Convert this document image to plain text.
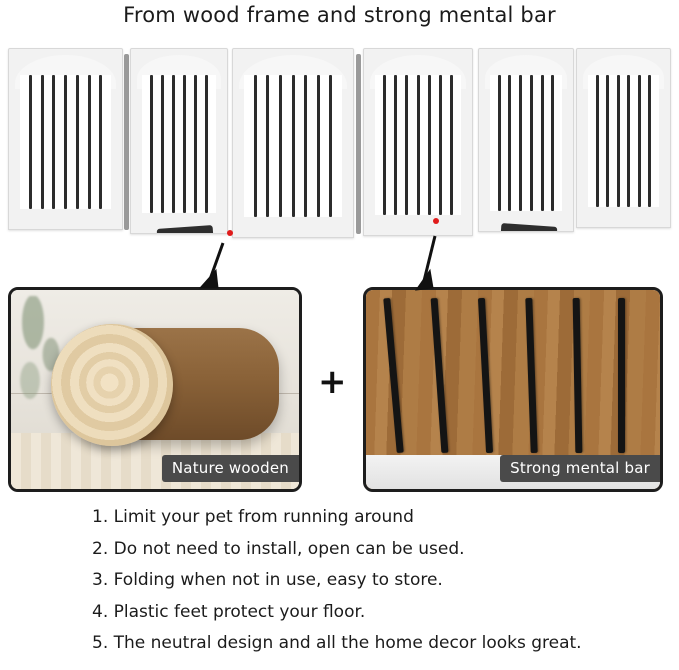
From wood frame and strong mental bar
Nature wooden
+
Strong mental bar
1. Limit your pet from running around
2. Do not need to install, open can be used.
3. Folding when not in use, easy to store.
4. Plastic feet protect your floor.
5. The neutral design and all the home decor looks great.
